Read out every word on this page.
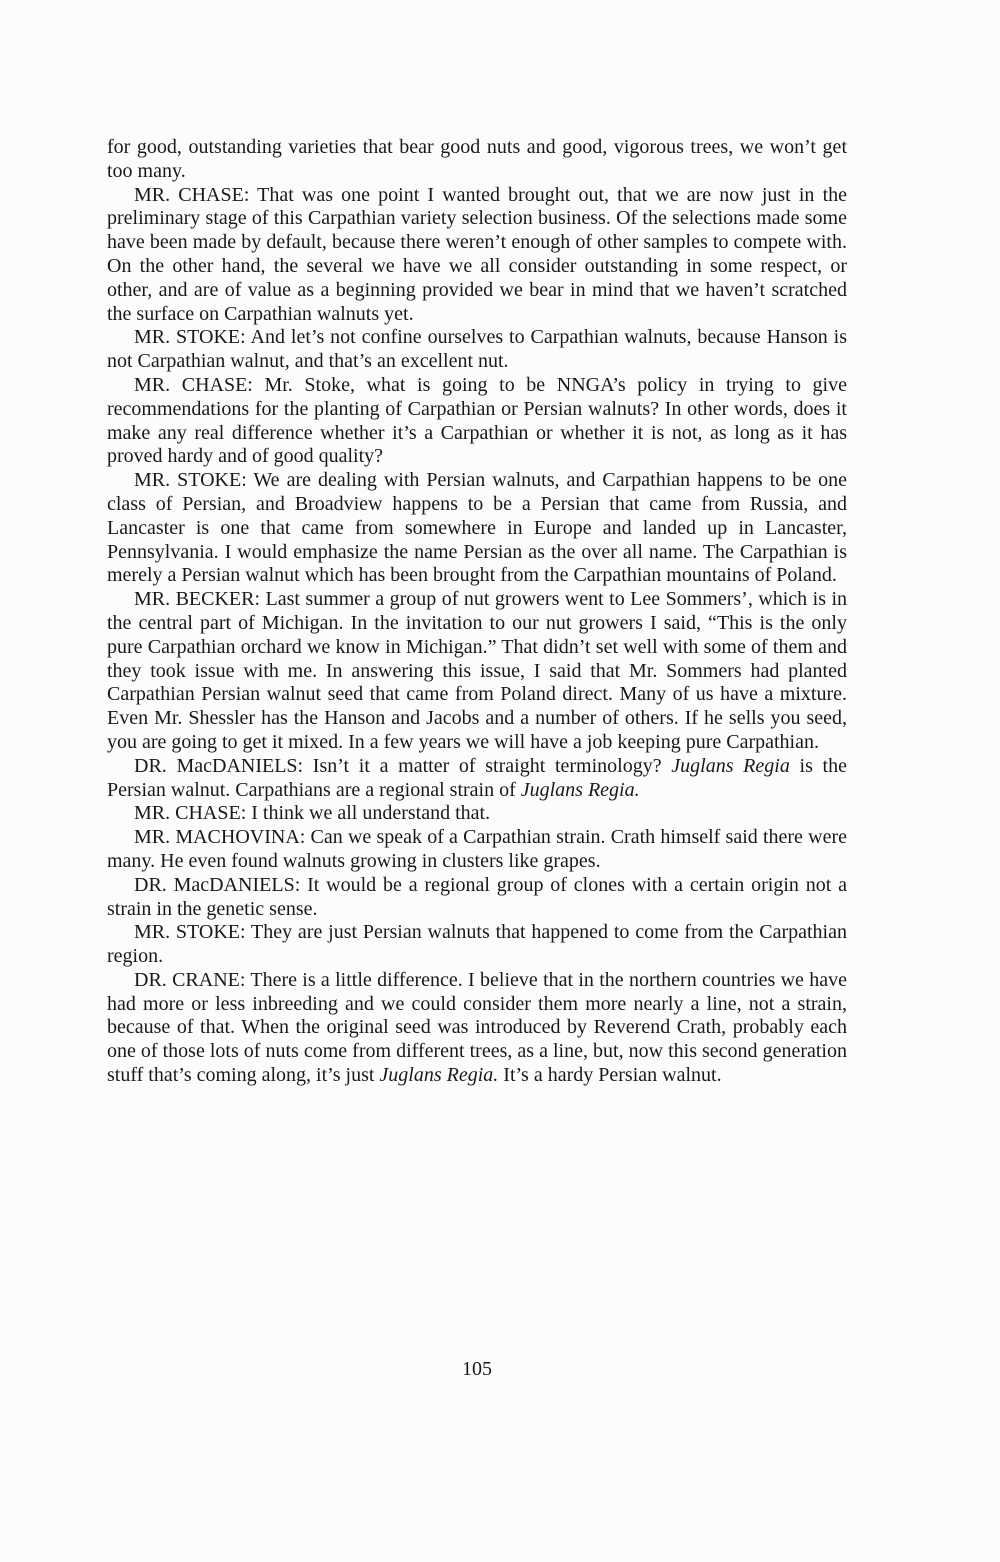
for good, outstanding varieties that bear good nuts and good, vigorous trees, we won’t get too many.

MR. CHASE: That was one point I wanted brought out, that we are now just in the preliminary stage of this Carpathian variety selection business. Of the selections made some have been made by default, because there weren’t enough of other samples to compete with. On the other hand, the several we have we all consider outstanding in some respect, or other, and are of value as a beginning provided we bear in mind that we haven’t scratched the surface on Carpathian walnuts yet.

MR. STOKE: And let’s not confine ourselves to Carpathian walnuts, because Hanson is not Carpathian walnut, and that’s an excellent nut.

MR. CHASE: Mr. Stoke, what is going to be NNGA’s policy in trying to give recommendations for the planting of Carpathian or Persian walnuts? In other words, does it make any real difference whether it’s a Carpathian or whether it is not, as long as it has proved hardy and of good quality?

MR. STOKE: We are dealing with Persian walnuts, and Carpathian happens to be one class of Persian, and Broadview happens to be a Persian that came from Russia, and Lancaster is one that came from somewhere in Europe and landed up in Lancaster, Pennsylvania. I would emphasize the name Persian as the over all name. The Carpathian is merely a Persian walnut which has been brought from the Carpathian mountains of Poland.

MR. BECKER: Last summer a group of nut growers went to Lee Sommers’, which is in the central part of Michigan. In the invitation to our nut growers I said, “This is the only pure Carpathian orchard we know in Michigan.” That didn’t set well with some of them and they took issue with me. In answering this issue, I said that Mr. Sommers had planted Carpathian Persian walnut seed that came from Poland direct. Many of us have a mixture. Even Mr. Shessler has the Hanson and Jacobs and a number of others. If he sells you seed, you are going to get it mixed. In a few years we will have a job keeping pure Carpathian.

DR. MacDANIELS: Isn’t it a matter of straight terminology? Juglans Regia is the Persian walnut. Carpathians are a regional strain of Juglans Regia.

MR. CHASE: I think we all understand that.

MR. MACHOVINA: Can we speak of a Carpathian strain. Crath himself said there were many. He even found walnuts growing in clusters like grapes.

DR. MacDANIELS: It would be a regional group of clones with a certain origin not a strain in the genetic sense.

MR. STOKE: They are just Persian walnuts that happened to come from the Carpathian region.

DR. CRANE: There is a little difference. I believe that in the northern countries we have had more or less inbreeding and we could consider them more nearly a line, not a strain, because of that. When the original seed was introduced by Reverend Crath, probably each one of those lots of nuts come from different trees, as a line, but, now this second generation stuff that’s coming along, it’s just Juglans Regia. It’s a hardy Persian walnut.

105
